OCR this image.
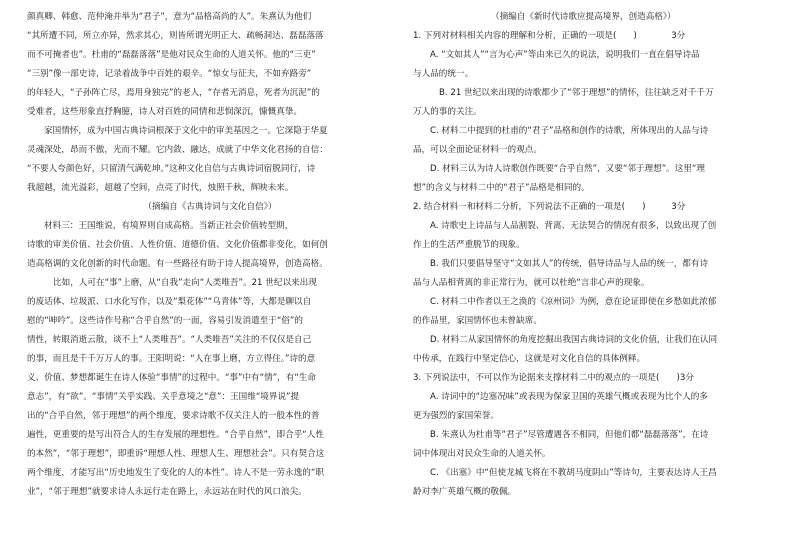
颜真卿、韩愈、范仲淹并举为“君子”，意为“品格高尚的人”。朱熹认为他们
“其所遭不同，所立亦异，然求其心，则皆所谓光明正大、疏畅洞达、磊磊落落
而不可掩者也”。杜甫的“磊磊落落”是他对民众生命的人道关怀。他的“三吏”
“三别”像一部史诗，记录着战争中百姓的艰辛。“惊女与征夫，不如弃路旁”
的年轻人，“子孙阵亡尽，焉用身独完”的老人，“存者无消息，死者为沉泥”的
受难者，这些形象直抒胸臆，诗人对百姓的同情和悲悯深沉，慷慨真挚。
家国情怀，成为中国古典诗词根深于文化中的审美基因之一。它深隐于华夏
灵魂深处，昂而不傲，光而不耀。它内敛、融达，成就了中华文化君扬的自信：
“不要人夸颜色好，只留清气满乾坤。”这种文化自信与古典诗词宿脱同行，诗
我超越，流光溢彩，超越了空间，点亮了时代，烛照千秋，辉映未来。
（摘编自《古典诗词与文化自信》）
材料三：王国维说，有境界则自成高格。当新正社会价值转型期，
诗歌的审美价值、社会价值、人性价值、道德价值、文化价值都非变化，如何创
造高格调的文化创新的时代命题。有一些路径有助于诗人提高境界，创造高格。
比如，人可在“事”上磨，从“自我”走向“人类唯吾”。21 世纪以来出现
的废话体、垃圾派、口水化写作，以及“梨花体”“乌青体”等，大都是聊以自
慰的“呻吟”。这些诗作号称“合乎自然”的一面，容易引发消遣至于“俗”的
情性，转眼消逝云散，谈不上“人类唯吾”。“人类唯吾”关注的不仅仅是自己
的事，而且是千千万万人的事。王阳明说：“人在事上磨，方立得住。”诗的意
义、价值、梦想都诞生在诗人体验“事情”的过程中。“事”中有“情”，有“生命
意志”，有“欲”。“事情”关乎实践、关乎意境之“意”：王国维“境界说”提
出的“合乎自然，邻于理想”的两个维度，要求诗歌不仅关注人的一般本性的普
遍性，更重要的是写出符合人的生存发展的理想性。“合乎自然”，即合乎“人性
的本然”，“邻于理想”，即重诉“理想人性、理想人生、理想社会”。只有契合这
两个维度，才能写出“历史地发生了变化的人的本性”。诗人不是一劳永逸的“职
业”，“邻于理想”就要求诗人永远行走在路上，永远站在时代的风口浪尖。
（摘编自《新时代诗歌应提高境界，创造高格》）
1. 下列对材料相关内容的理解和分析，正确的一项是(　　)　　　　3分
A. “文如其人”“言为心声”等由来已久的说法，说明我们一直在倡导诗品
与人品的统一。
B. 21 世纪以来出现的诗歌都少了“邻于理想”的情怀，往往缺乏对千千万
万人的事的关注。
C. 材料二中提到的杜甫的“君子”品格和创作的诗歌，所体现出的人品与诗
品，可以全面论证材料一的观点。
D. 材料三认为诗人诗歌创作既要“合乎自然”，又要“邻于理想”。这里“理
想”的含义与材料二中的“君子”品格是相同的。
2. 结合材料一和材料二分析，下列说法不正确的一项是(　　)　　　3分
A. 诗歌史上诗品与人品割裂、背离、无法契合的情况有很多，以致出现了创
作上的生活严重脱节的现象。
B. 我们只要倡导坚守“文如其人”的传统，倡导诗品与人品的统一，都有诗
品与人品相背离的非正常行为，就可以杜绝“言非心声的现象。
C. 材料二中作者以王之涣的《凉州词》为例，意在论证即使在乡愁如此浓郁
的作品里，家国情怀也未曾缺席。
D. 材料二从家国情怀的角度挖掘出我国古典诗词的文化价值，让我们在认同
中传承，在践行中坚定信心，这就是对文化自信的具体例释。
3. 下列说法中，不可以作为论据来支撑材料二中的观点的一项是(　　)3分
A. 诗词中的“边塞况味”或表现为保家卫国的英雄气概或表现为比个人的多
更为强烈的家国荣誉。
B. 朱熹认为杜甫等“君子”尽管遭遇各不相同，但他们都“磊磊落落”，在诗
词中体现出对民众生命的人道关怀。
C. 《出塞》中“但使龙城飞将在不教胡马度阴山”等诗句，主要表达诗人王昌
龄对李广英雄气概的敬佩。
